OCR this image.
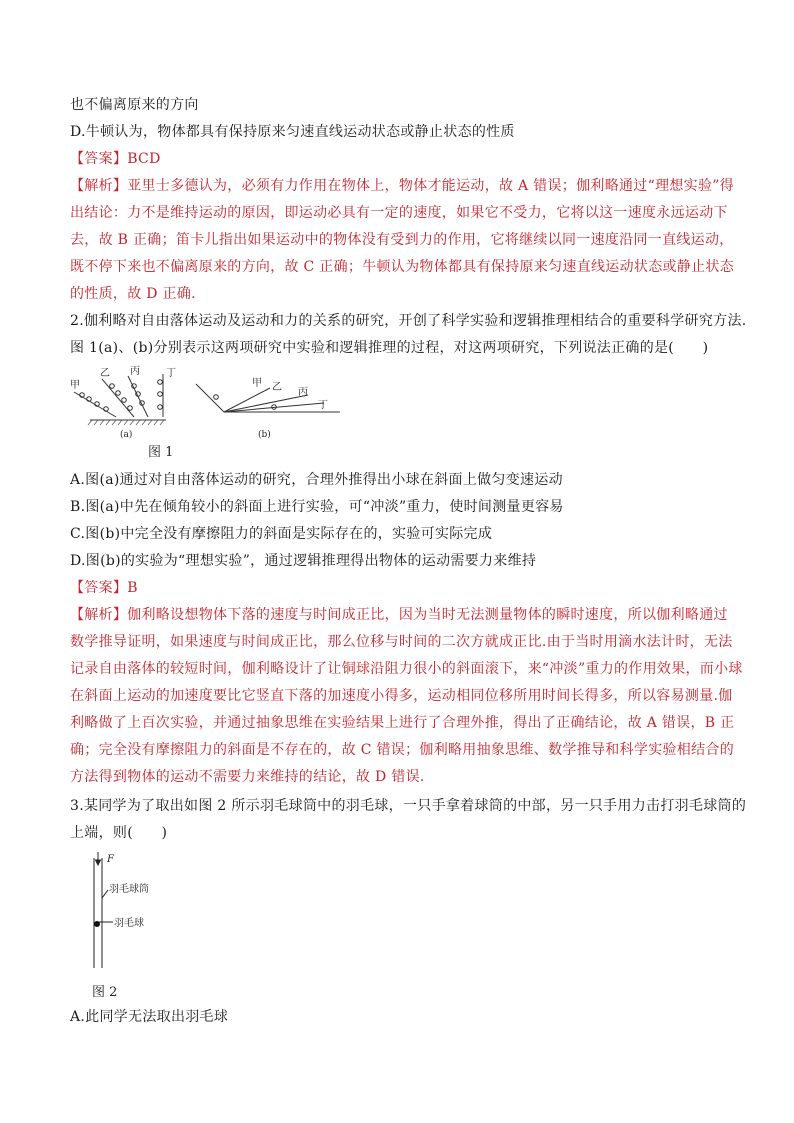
也不偏离原来的方向
D.牛顿认为，物体都具有保持原来匀速直线运动状态或静止状态的性质
【答案】BCD
【解析】亚里士多德认为，必须有力作用在物体上，物体才能运动，故 A 错误；伽利略通过“理想实验”得
出结论：力不是维持运动的原因，即运动必具有一定的速度，如果它不受力，它将以这一速度永远运动下
去，故 B 正确；笛卡儿指出如果运动中的物体没有受到力的作用，它将继续以同一速度沿同一直线运动，
既不停下来也不偏离原来的方向，故 C 正确；牛顿认为物体都具有保持原来匀速直线运动状态或静止状态
的性质，故 D 正确.
2.伽利略对自由落体运动及运动和力的关系的研究，开创了科学实验和逻辑推理相结合的重要科学研究方法.
图 1(a)、(b)分别表示这两项研究中实验和逻辑推理的过程，对这两项研究，下列说法正确的是(　　)
甲
乙 丙	丁
(a)
甲 乙 丙
丁
(b)
图 1
A.图(a)通过对自由落体运动的研究，合理外推得出小球在斜面上做匀变速运动
B.图(a)中先在倾角较小的斜面上进行实验，可“冲淡”重力，使时间测量更容易
C.图(b)中完全没有摩擦阻力的斜面是实际存在的，实验可实际完成
D.图(b)的实验为“理想实验”，通过逻辑推理得出物体的运动需要力来维持
【答案】B
【解析】伽利略设想物体下落的速度与时间成正比，因为当时无法测量物体的瞬时速度，所以伽利略通过
数学推导证明，如果速度与时间成正比，那么位移与时间的二次方就成正比.由于当时用滴水法计时，无法
记录自由落体的较短时间，伽利略设计了让铜球沿阻力很小的斜面滚下，来“冲淡”重力的作用效果，而小球
在斜面上运动的加速度要比它竖直下落的加速度小得多，运动相同位移所用时间长得多，所以容易测量.伽
利略做了上百次实验，并通过抽象思维在实验结果上进行了合理外推，得出了正确结论，故 A 错误，B 正
确；完全没有摩擦阻力的斜面是不存在的，故 C 错误；伽利略用抽象思维、数学推导和科学实验相结合的
方法得到物体的运动不需要力来维持的结论，故 D 错误.
3.某同学为了取出如图 2 所示羽毛球筒中的羽毛球，一只手拿着球筒的中部，另一只手用力击打羽毛球筒的
上端，则(　　)
F
羽毛球筒
羽毛球
图 2
A.此同学无法取出羽毛球
